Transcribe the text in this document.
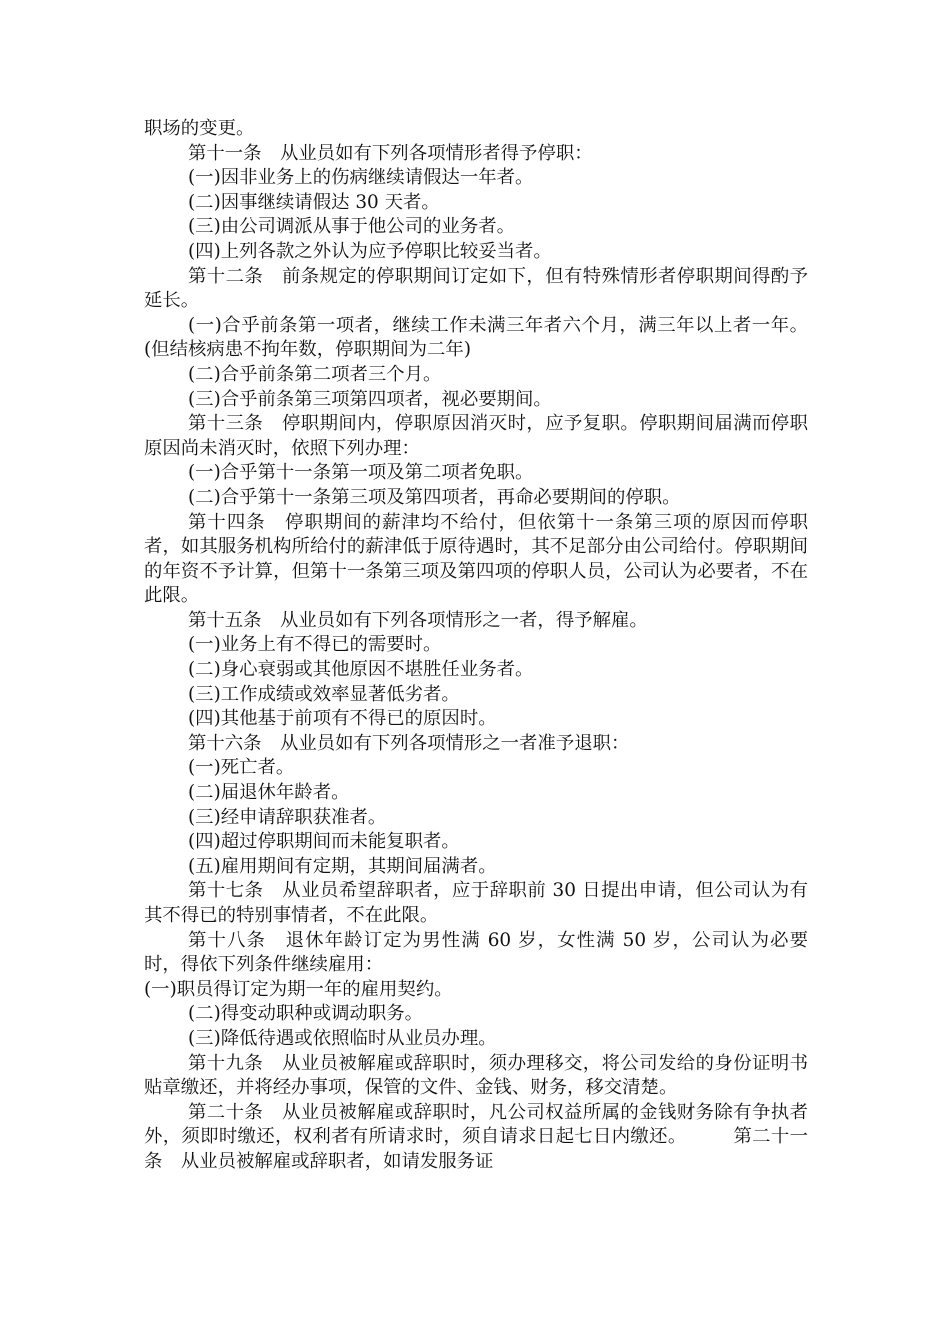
职场的变更。

第十一条　从业员如有下列各项情形者得予停职：

(一)因非业务上的伤病继续请假达一年者。

(二)因事继续请假达 30 天者。

(三)由公司调派从事于他公司的业务者。

(四)上列各款之外认为应予停职比较妥当者。

第十二条　前条规定的停职期间订定如下，但有特殊情形者停职期间得酌予延长。

(一)合乎前条第一项者，继续工作未满三年者六个月，满三年以上者一年。(但结核病患不拘年数，停职期间为二年)

(二)合乎前条第二项者三个月。

(三)合乎前条第三项第四项者，视必要期间。

第十三条　停职期间内，停职原因消灭时，应予复职。停职期间届满而停职原因尚未消灭时，依照下列办理：

(一)合乎第十一条第一项及第二项者免职。

(二)合乎第十一条第三项及第四项者，再命必要期间的停职。

第十四条　停职期间的薪津均不给付，但依第十一条第三项的原因而停职者，如其服务机构所给付的薪津低于原待遇时，其不足部分由公司给付。停职期间的年资不予计算，但第十一条第三项及第四项的停职人员，公司认为必要者，不在此限。

第十五条　从业员如有下列各项情形之一者，得予解雇。

(一)业务上有不得已的需要时。

(二)身心衰弱或其他原因不堪胜任业务者。

(三)工作成绩或效率显著低劣者。

(四)其他基于前项有不得已的原因时。

第十六条　从业员如有下列各项情形之一者准予退职：

(一)死亡者。

(二)届退休年龄者。

(三)经申请辞职获准者。

(四)超过停职期间而未能复职者。

(五)雇用期间有定期，其期间届满者。

第十七条　从业员希望辞职者，应于辞职前 30 日提出申请，但公司认为有其不得已的特别事情者，不在此限。

第十八条　退休年龄订定为男性满 60 岁，女性满 50 岁，公司认为必要时，得依下列条件继续雇用：

(一)职员得订定为期一年的雇用契约。

(二)得变动职种或调动职务。

(三)降低待遇或依照临时从业员办理。

第十九条　从业员被解雇或辞职时，须办理移交，将公司发给的身份证明书贴章缴还，并将经办事项，保管的文件、金钱、财务，移交清楚。

第二十条　从业员被解雇或辞职时，凡公司权益所属的金钱财务除有争执者外，须即时缴还，权利者有所请求时，须自请求日起七日内缴还。　　　第二十一条　从业员被解雇或辞职者，如请发服务证
